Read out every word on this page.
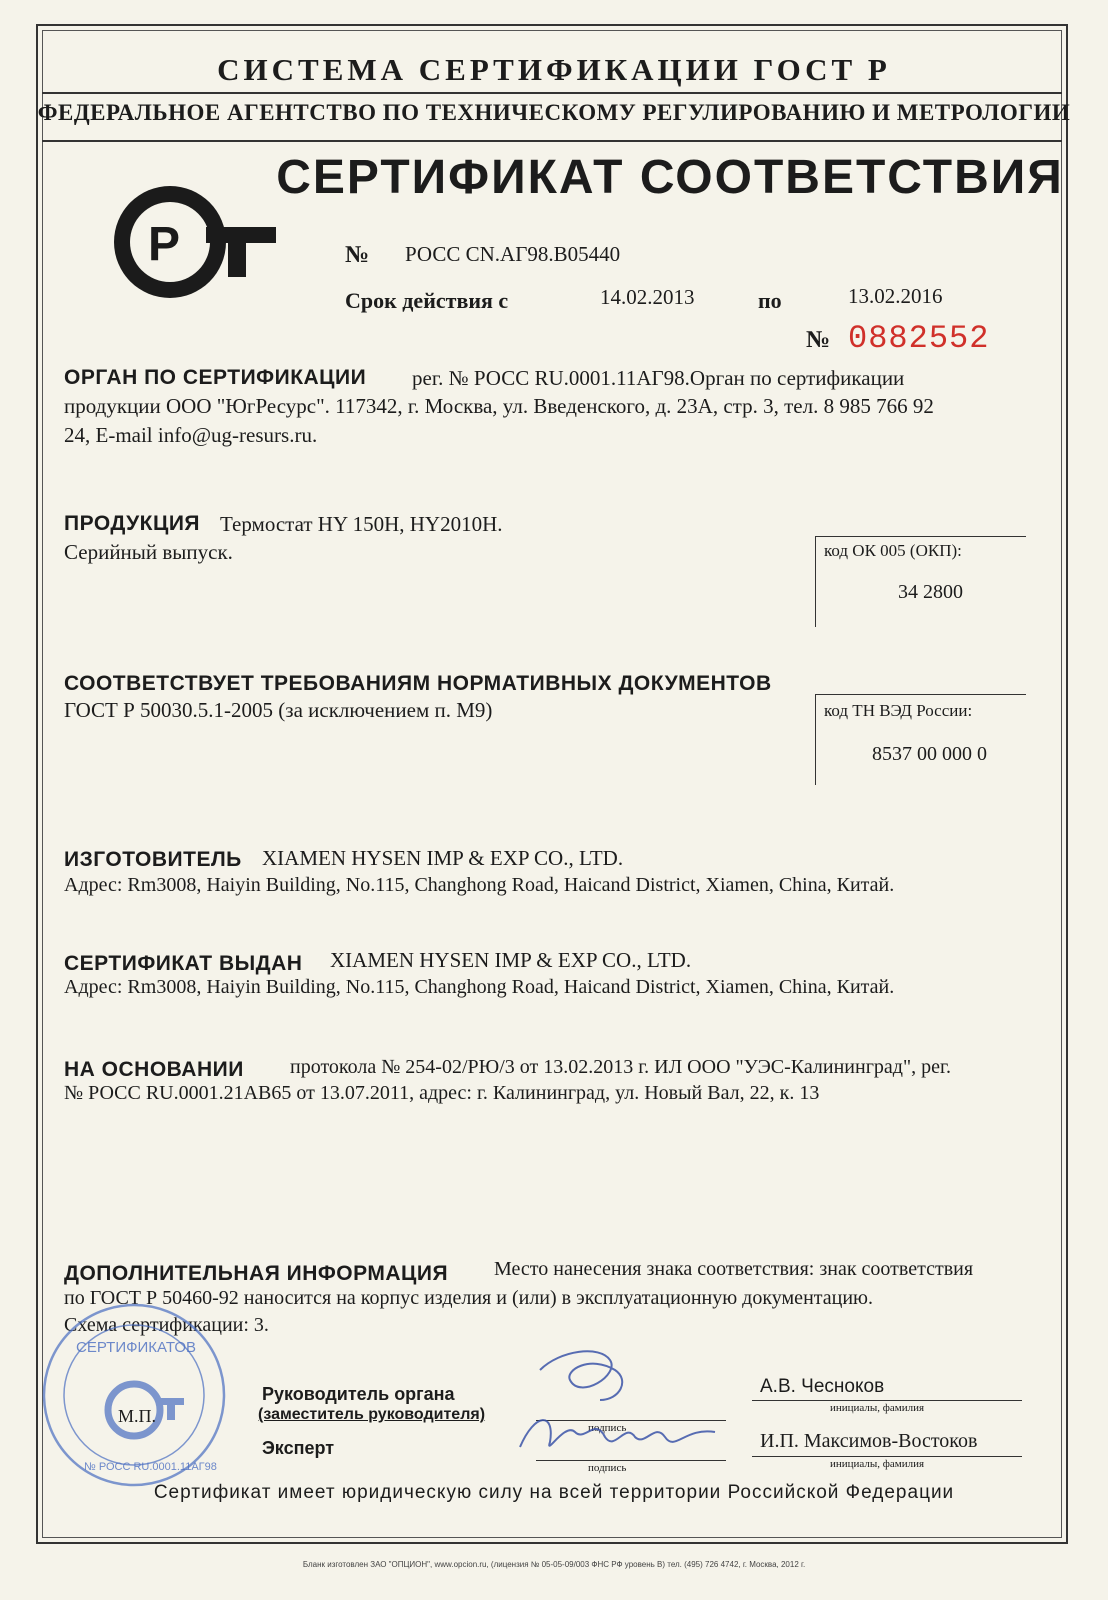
СИСТЕМА СЕРТИФИКАЦИИ ГОСТ Р
ФЕДЕРАЛЬНОЕ АГЕНТСТВО ПО ТЕХНИЧЕСКОМУ РЕГУЛИРОВАНИЮ И МЕТРОЛОГИИ
СЕРТИФИКАТ СООТВЕТСТВИЯ
P	№ РОСС CN.АГ98.В05440
Срок действия с	14.02.2013	по	13.02.2016
№ 0882552
ОРГАН ПО СЕРТИФИКАЦИИ рег. № РОСС RU.0001.11АГ98.Орган по сертификации
продукции ООО "ЮгРесурс". 117342, г. Москва, ул. Введенского, д. 23А, стр. 3, тел. 8 985 766 92
24, E-mail info@ug-resurs.ru.
ПРОДУКЦИЯ Термостат HY 150H, HY2010H.
Серийный выпуск.	код ОК 005 (ОКП):
34 2800
СООТВЕТСТВУЕТ ТРЕБОВАНИЯМ НОРМАТИВНЫХ ДОКУМЕНТОВ
ГОСТ Р 50030.5.1-2005 (за исключением п. М9)	код ТН ВЭД России:
8537 00 000 0
ИЗГОТОВИТЕЛЬ XIAMEN HYSEN IMP & EXP CO., LTD.
Адрес: Rm3008, Haiyin Building, No.115, Changhong Road, Haicand District, Xiamen, China, Китай.
СЕРТИФИКАТ ВЫДАН XIAMEN HYSEN IMP & EXP CO., LTD.
Адрес: Rm3008, Haiyin Building, No.115, Changhong Road, Haicand District, Xiamen, China, Китай.
НА ОСНОВАНИИ протокола № 254-02/РЮ/3 от 13.02.2013 г. ИЛ ООО "УЭС-Калининград", рег.
№ РОСС RU.0001.21АВ65 от 13.07.2011, адрес: г. Калининград, ул. Новый Вал, 22, к. 13
ДОПОЛНИТЕЛЬНАЯ ИНФОРМАЦИЯ Место нанесения знака соответствия: знак соответствия
по ГОСТ Р 50460-92 наносится на корпус изделия и (или) в эксплуатационную документацию.
Схема сертификации: 3.
СЕРТИФИКАТОВ
№ РОСС RU.0001.11АГ98
М.П.
Руководитель органа
(заместитель руководителя)
Эксперт
подпись
подпись
А.В. Чесноков
инициалы, фамилия
И.П. Максимов-Востоков
инициалы, фамилия
Сертификат имеет юридическую силу на всей территории Российской Федерации
Бланк изготовлен ЗАО "ОПЦИОН", www.opcion.ru, (лицензия № 05-05-09/003 ФНС РФ уровень В) тел. (495) 726 4742, г. Москва, 2012 г.
